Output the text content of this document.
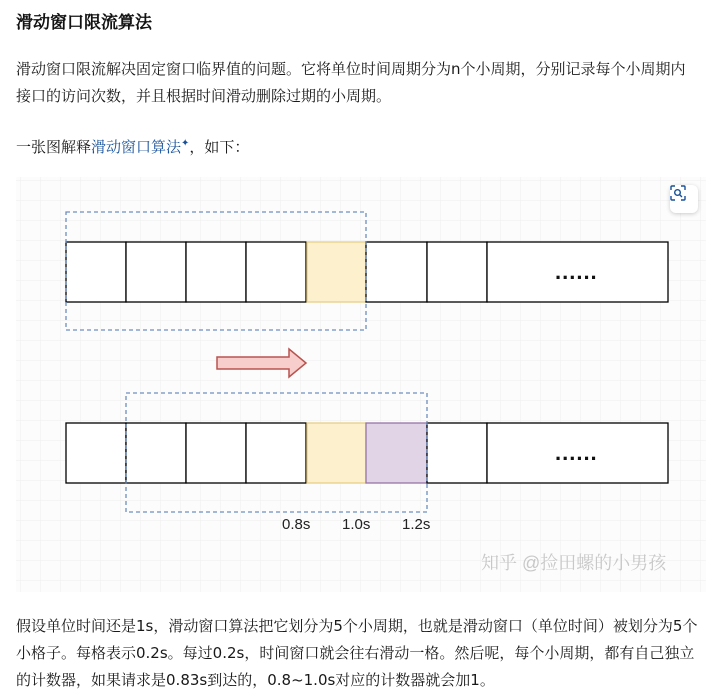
滑动窗口限流算法

滑动窗口限流解决固定窗口临界值的问题。它将单位时间周期分为n个小周期，分别记录每个小周期内接口的访问次数，并且根据时间滑动删除过期的小周期。

一张图解释滑动窗口算法✦，如下：

......
......
0.8s 1.0s 1.2s
知乎 @捡田螺的小男孩

假设单位时间还是1s，滑动窗口算法把它划分为5个小周期，也就是滑动窗口（单位时间）被划分为5个小格子。每格表示0.2s。每过0.2s，时间窗口就会往右滑动一格。然后呢，每个小周期，都有自己独立的计数器，如果请求是0.83s到达的，0.8~1.0s对应的计数器就会加1。
